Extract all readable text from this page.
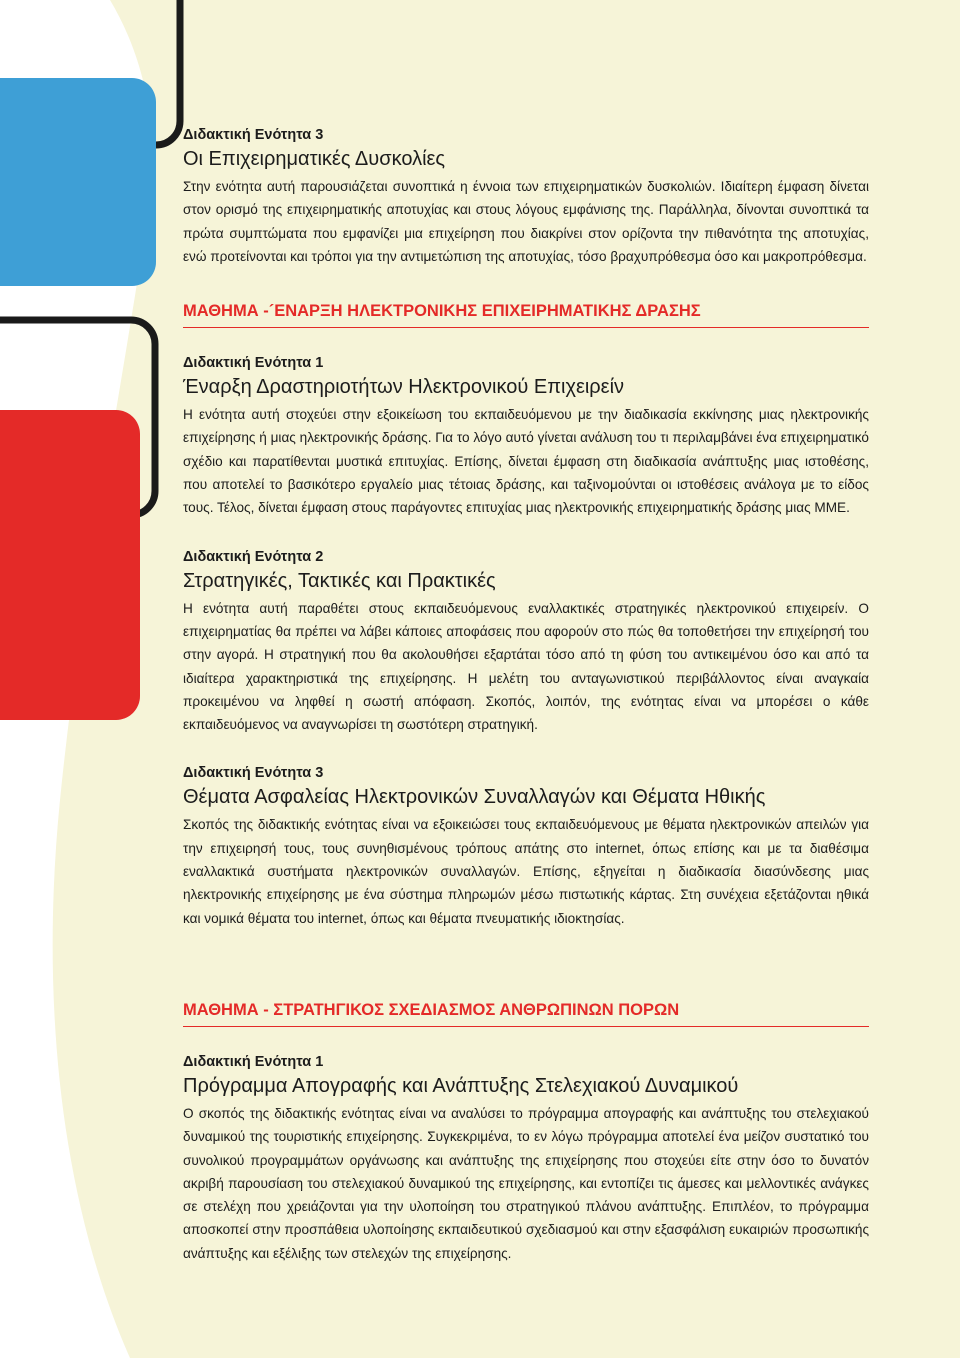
Διδακτική Ενότητα 3

Οι Επιχειρηματικές Δυσκολίες

Στην ενότητα αυτή παρουσιάζεται συνοπτικά η έννοια των επιχειρηματικών δυσκολιών. Ιδιαίτερη έμφαση δίνεται στον ορισμό της επιχειρηματικής αποτυχίας και στους λόγους εμφάνισης της. Παράλληλα, δίνονται συνοπτικά τα πρώτα συμπτώματα που εμφανίζει μια επιχείρηση που διακρίνει στον ορίζοντα την πιθανότητα της αποτυχίας, ενώ προτείνονται και τρόποι για την αντιμετώπιση της αποτυχίας, τόσο βραχυπρόθεσμα όσο και μακροπρόθεσμα.

ΜΑΘΗΜΑ -´ΕΝΑΡΞΗ ΗΛΕΚΤΡΟΝΙΚΗΣ ΕΠΙΧΕΙΡΗΜΑΤΙΚΗΣ ΔΡΑΣΗΣ

Διδακτική Ενότητα 1

Έναρξη Δραστηριοτήτων Ηλεκτρονικού Επιχειρείν

Η ενότητα αυτή στοχεύει στην εξοικείωση του εκπαιδευόμενου με την διαδικασία εκκίνησης μιας ηλεκτρονικής επιχείρησης ή μιας ηλεκτρονικής δράσης. Για το λόγο αυτό γίνεται ανάλυση του τι περιλαμβάνει ένα επιχειρηματικό σχέδιο και παρατίθενται μυστικά επιτυχίας. Επίσης, δίνεται έμφαση στη διαδικασία ανάπτυξης μιας ιστοθέσης, που αποτελεί το βασικότερο εργαλείο μιας τέτοιας δράσης, και ταξινομούνται οι ιστοθέσεις ανάλογα με το είδος τους. Τέλος, δίνεται έμφαση στους παράγοντες επιτυχίας μιας ηλεκτρονικής επιχειρηματικής δράσης μιας ΜΜΕ.

Διδακτική Ενότητα 2

Στρατηγικές, Τακτικές και Πρακτικές

Η ενότητα αυτή παραθέτει στους εκπαιδευόμενους εναλλακτικές στρατηγικές ηλεκτρονικού επιχειρείν. Ο επιχειρηματίας θα πρέπει να λάβει κάποιες αποφάσεις που αφορούν στο πώς θα τοποθετήσει την επιχείρησή του στην αγορά. Η στρατηγική που θα ακολουθήσει εξαρτάται τόσο από τη φύση του αντικειμένου όσο και από τα ιδιαίτερα χαρακτηριστικά της επιχείρησης. Η μελέτη του ανταγωνιστικού περιβάλλοντος είναι αναγκαία προκειμένου να ληφθεί η σωστή απόφαση. Σκοπός, λοιπόν, της ενότητας είναι να μπορέσει ο κάθε εκπαιδευόμενος να αναγνωρίσει τη σωστότερη στρατηγική.

Διδακτική Ενότητα 3

Θέματα Ασφαλείας Ηλεκτρονικών Συναλλαγών και Θέματα Ηθικής

Σκοπός της διδακτικής ενότητας είναι να εξοικειώσει τους εκπαιδευόμενους με θέματα ηλεκτρονικών απειλών για την επιχειρησή τους, τους συνηθισμένους τρόπους απάτης στο internet, όπως επίσης και με τα διαθέσιμα εναλλακτικά συστήματα ηλεκτρονικών συναλλαγών. Επίσης, εξηγείται η διαδικασία διασύνδεσης μιας ηλεκτρονικής επιχείρησης με ένα σύστημα πληρωμών μέσω πιστωτικής κάρτας. Στη συνέχεια εξετάζονται ηθικά και νομικά θέματα του internet, όπως και θέματα πνευματικής ιδιοκτησίας.

ΜΑΘΗΜΑ - ΣΤΡΑΤΗΓΙΚΟΣ ΣΧΕΔΙΑΣΜΟΣ ΑΝΘΡΩΠΙΝΩΝ ΠΟΡΩΝ

Διδακτική Ενότητα 1

Πρόγραμμα Απογραφής και Ανάπτυξης Στελεχιακού Δυναμικού

Ο σκοπός της διδακτικής ενότητας είναι να αναλύσει το πρόγραμμα απογραφής και ανάπτυξης του στελεχιακού δυναμικού της τουριστικής επιχείρησης. Συγκεκριμένα, το εν λόγω πρόγραμμα αποτελεί ένα μείζον συστατικό του συνολικού προγραμμάτων οργάνωσης και ανάπτυξης της επιχείρησης που στοχεύει είτε στην όσο το δυνατόν ακριβή παρουσίαση του στελεχιακού δυναμικού της επιχείρησης, και εντοπίζει τις άμεσες και μελλοντικές ανάγκες σε στελέχη που χρειάζονται για την υλοποίηση του στρατηγικού πλάνου ανάπτυξης. Επιπλέον, το πρόγραμμα αποσκοπεί στην προσπάθεια υλοποίησης εκπαιδευτικού σχεδιασμού και στην εξασφάλιση ευκαιριών προσωπικής ανάπτυξης και εξέλιξης των στελεχών της επιχείρησης.
